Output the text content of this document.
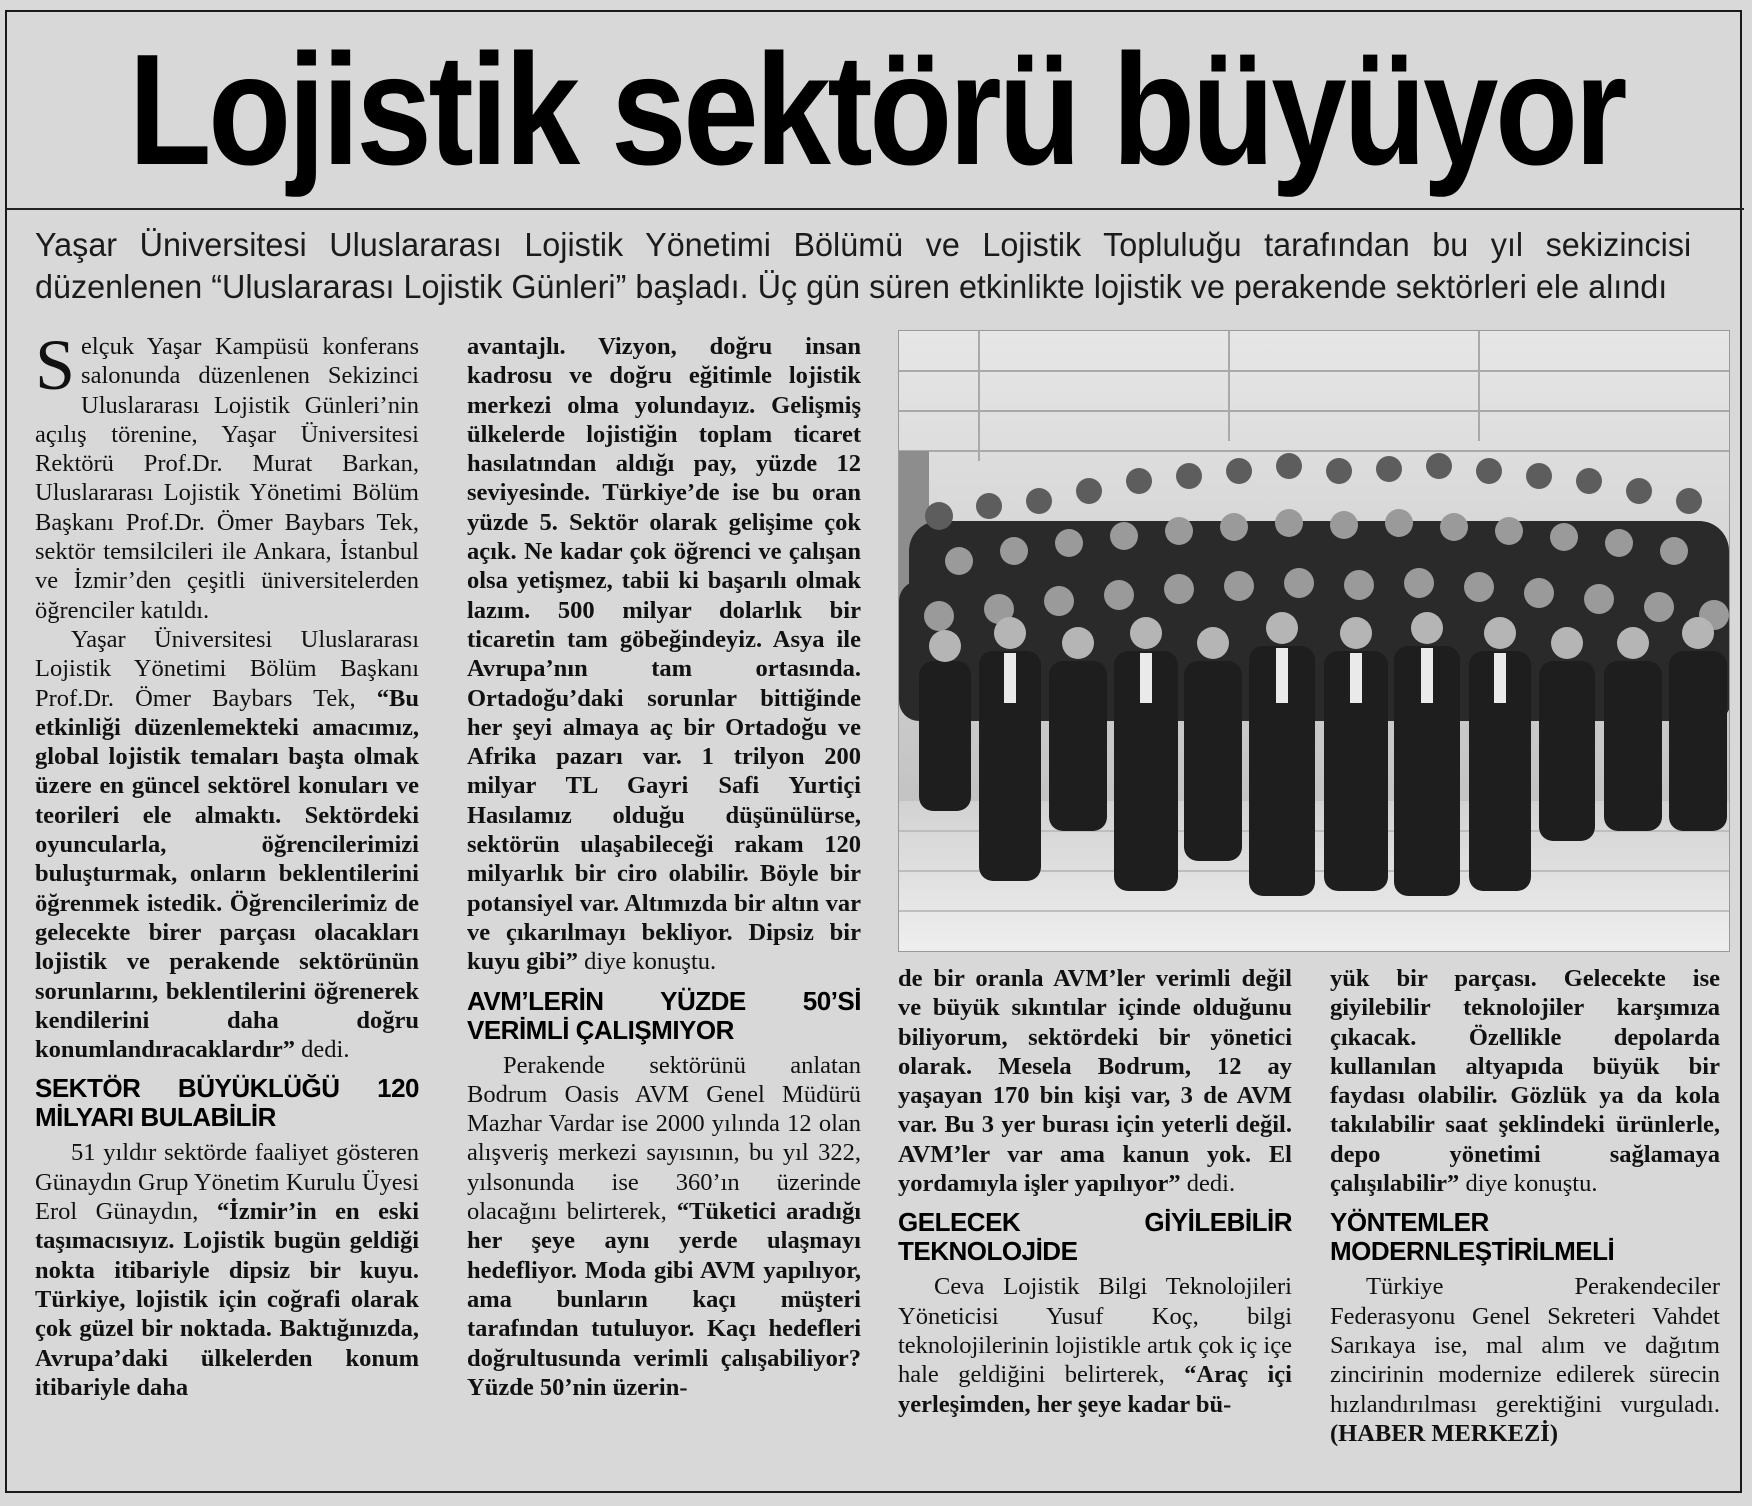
Lojistik sektörü büyüyor
Yaşar Üniversitesi Uluslararası Lojistik Yönetimi Bölümü ve Lojistik Topluluğu tarafından bu yıl sekizincisi düzenlenen “Uluslararası Lojistik Günleri” başladı. Üç gün süren etkinlikte lojistik ve perakende sektörleri ele alındı

Selçuk Yaşar Kampüsü konferans salonunda düzenlenen Sekizinci Uluslararası Lojistik Günleri’nin açılış törenine, Yaşar Üniversitesi Rektörü Prof.Dr. Murat Barkan, Uluslararası Lojistik Yönetimi Bölüm Başkanı Prof.Dr. Ömer Baybars Tek, sektör temsilcileri ile Ankara, İstanbul ve İzmir’den çeşitli üniversitelerden öğrenciler katıldı.

Yaşar Üniversitesi Uluslararası Lojistik Yönetimi Bölüm Başkanı Prof.Dr. Ömer Baybars Tek, “Bu etkinliği düzenlemekteki amacımız, global lojistik temaları başta olmak üzere en güncel sektörel konuları ve teorileri ele almaktı. Sektördeki oyuncularla, öğrencilerimizi buluşturmak, onların beklentilerini öğrenmek istedik. Öğrencilerimiz de gelecekte birer parçası olacakları lojistik ve perakende sektörünün sorunlarını, beklentilerini öğrenerek kendilerini daha doğru konumlandıracaklardır” dedi.

SEKTÖR BÜYÜKLÜĞÜ 120 MİLYARI BULABİLİR

51 yıldır sektörde faaliyet gösteren Günaydın Grup Yönetim Kurulu Üyesi Erol Günaydın, “İzmir’in en eski taşımacısıyız. Lojistik bugün geldiği nokta itibariyle dipsiz bir kuyu. Türkiye, lojistik için coğrafi olarak çok güzel bir noktada. Baktığınızda, Avrupa’daki ülkelerden konum itibariyle daha

avantajlı. Vizyon, doğru insan kadrosu ve doğru eğitimle lojistik merkezi olma yolundayız. Gelişmiş ülkelerde lojistiğin toplam ticaret hasılatından aldığı pay, yüzde 12 seviyesinde. Türkiye’de ise bu oran yüzde 5. Sektör olarak gelişime çok açık. Ne kadar çok öğrenci ve çalışan olsa yetişmez, tabii ki başarılı olmak lazım. 500 milyar dolarlık bir ticaretin tam göbeğindeyiz. Asya ile Avrupa’nın tam ortasında. Ortadoğu’daki sorunlar bittiğinde her şeyi almaya aç bir Ortadoğu ve Afrika pazarı var. 1 trilyon 200 milyar TL Gayri Safi Yurtiçi Hasılamız olduğu düşünülürse, sektörün ulaşabileceği rakam 120 milyarlık bir ciro olabilir. Böyle bir potansiyel var. Altımızda bir altın var ve çıkarılmayı bekliyor. Dipsiz bir kuyu gibi” diye konuştu.

AVM’LERİN YÜZDE 50’Sİ VERİMLİ ÇALIŞMIYOR

Perakende sektörünü anlatan Bodrum Oasis AVM Genel Müdürü Mazhar Vardar ise 2000 yılında 12 olan alışveriş merkezi sayısının, bu yıl 322, yılsonunda ise 360’ın üzerinde olacağını belirterek, “Tüketici aradığı her şeye aynı yerde ulaşmayı hedefliyor. Moda gibi AVM yapılıyor, ama bunların kaçı müşteri tarafından tutuluyor. Kaçı hedefleri doğrultusunda verimli çalışabiliyor? Yüzde 50’nin üzerin-

de bir oranla AVM’ler verimli değil ve büyük sıkıntılar içinde olduğunu biliyorum, sektördeki bir yönetici olarak. Mesela Bodrum, 12 ay yaşayan 170 bin kişi var, 3 de AVM var. Bu 3 yer burası için yeterli değil. AVM’ler var ama kanun yok. El yordamıyla işler yapılıyor” dedi.

GELECEK GİYİLEBİLİR TEKNOLOJİDE

Ceva Lojistik Bilgi Teknolojileri Yöneticisi Yusuf Koç, bilgi teknolojilerinin lojistikle artık çok iç içe hale geldiğini belirterek, “Araç içi yerleşimden, her şeye kadar bü-

yük bir parçası. Gelecekte ise giyilebilir teknolojiler karşımıza çıkacak. Özellikle depolarda kullanılan altyapıda büyük bir faydası olabilir. Gözlük ya da kola takılabilir saat şeklindeki ürünlerle, depo yönetimi sağlamaya çalışılabilir” diye konuştu.

YÖNTEMLER MODERNLEŞTİRİLMELİ

Türkiye Perakendeciler Federasyonu Genel Sekreteri Vahdet Sarıkaya ise, mal alım ve dağıtım zincirinin modernize edilerek sürecin hızlandırılması gerektiğini vurguladı. (HABER MERKEZİ)
